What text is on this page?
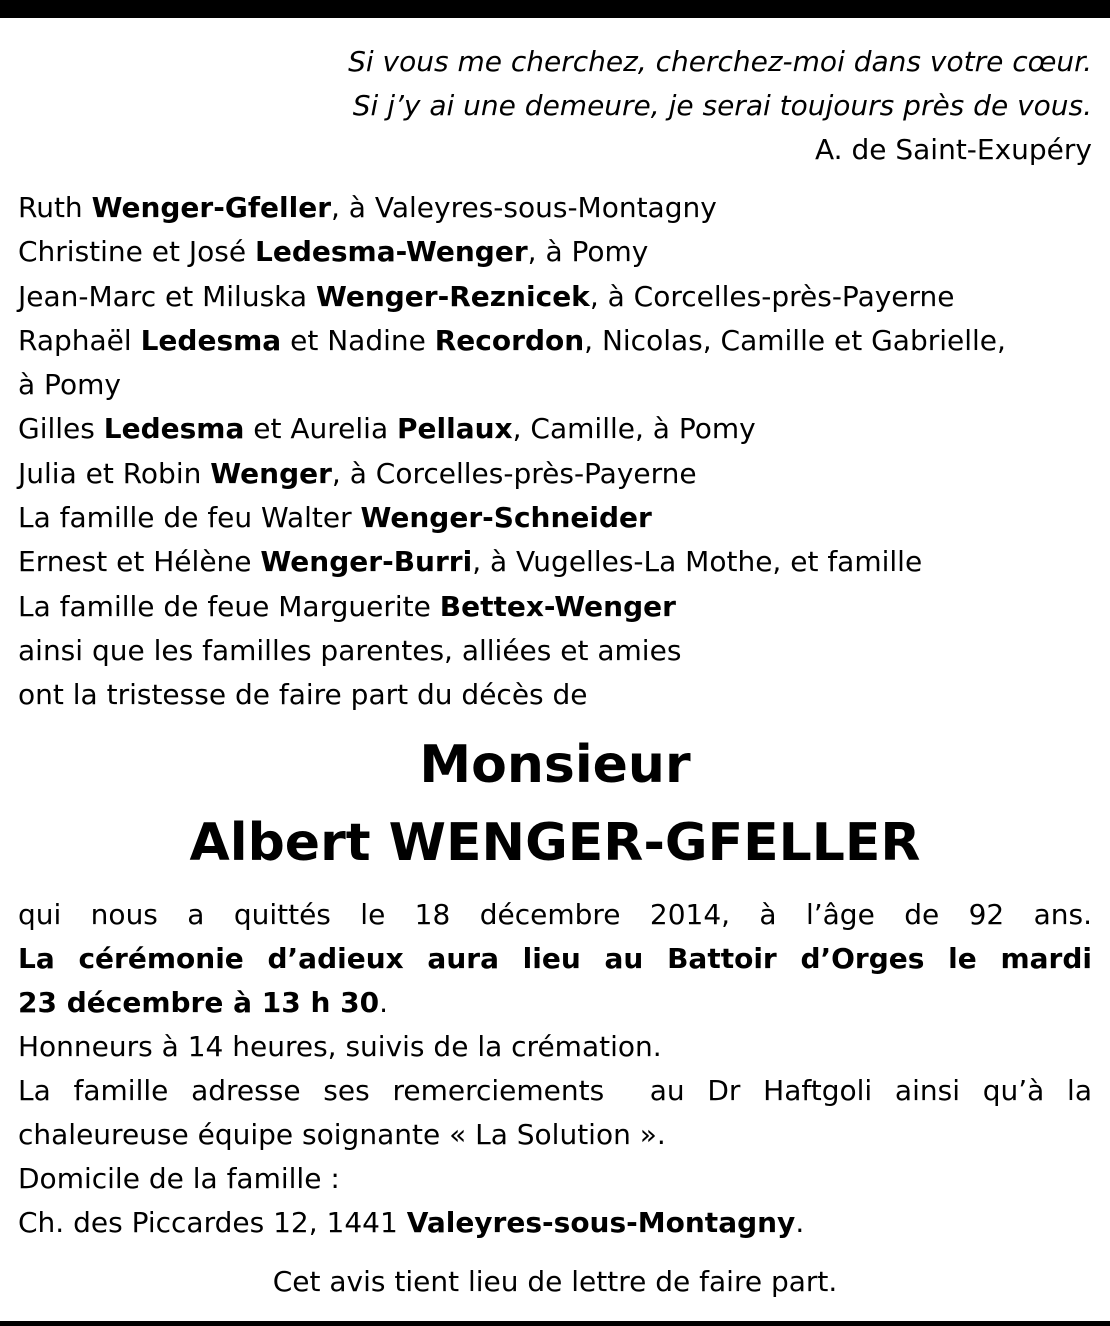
Si vous me cherchez, cherchez-moi dans votre cœur.
Si j’y ai une demeure, je serai toujours près de vous.
A. de Saint-Exupéry
Ruth Wenger-Gfeller, à Valeyres-sous-Montagny
Christine et José Ledesma-Wenger, à Pomy
Jean-Marc et Miluska Wenger-Reznicek, à Corcelles-près-Payerne
Raphaël Ledesma et Nadine Recordon, Nicolas, Camille et Gabrielle,
à Pomy
Gilles Ledesma et Aurelia Pellaux, Camille, à Pomy
Julia et Robin Wenger, à Corcelles-près-Payerne
La famille de feu Walter Wenger-Schneider
Ernest et Hélène Wenger-Burri, à Vugelles-La Mothe, et famille
La famille de feue Marguerite Bettex-Wenger
ainsi que les familles parentes, alliées et amies
ont la tristesse de faire part du décès de
Monsieur
Albert WENGER-GFELLER
qui nous a quittés le 18 décembre 2014, à l’âge de 92 ans.
La cérémonie d’adieux aura lieu au Battoir d’Orges le mardi
23 décembre à 13 h 30.
Honneurs à 14 heures, suivis de la crémation.
La famille adresse ses remerciements  au Dr Haftgoli ainsi qu’à la
chaleureuse équipe soignante « La Solution ».
Domicile de la famille :
Ch. des Piccardes 12, 1441 Valeyres-sous-Montagny.
Cet avis tient lieu de lettre de faire part.
